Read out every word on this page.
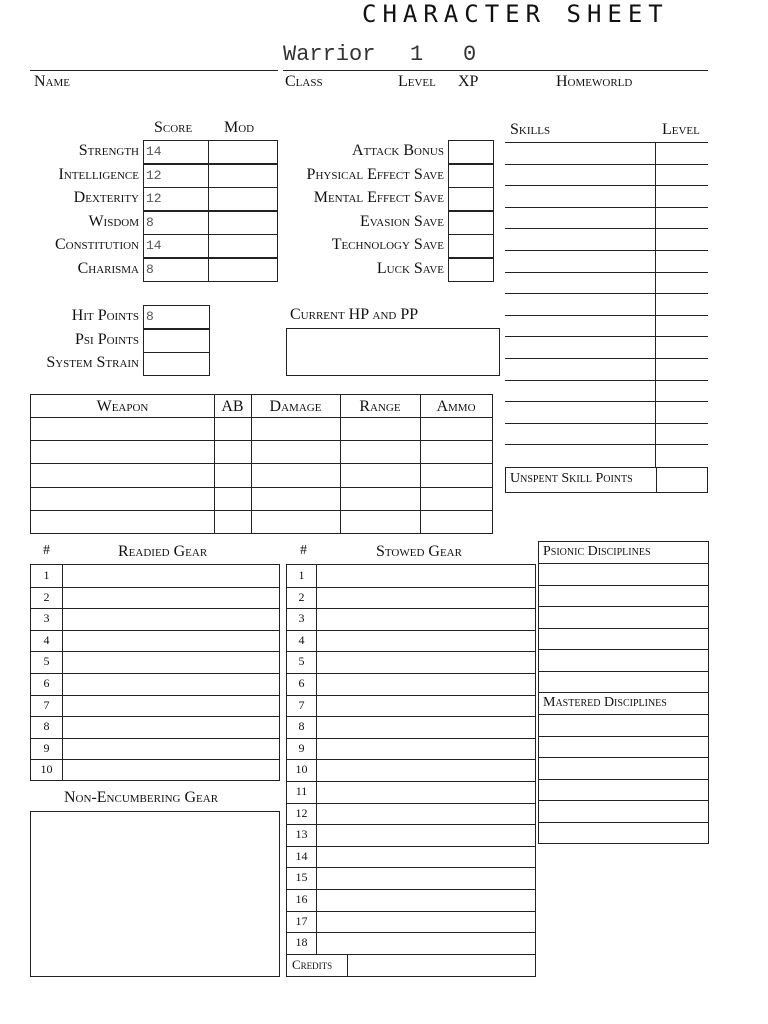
CHARACTER SHEET
Warrior 1 0
Name	Class	Level XP	Homeworld
Score Mod
Strength 14
Intelligence 12
Dexterity 12
Wisdom 8
Constitution 14
Charisma 8
Attack Bonus
Physical Effect Save
Mental Effect Save
Evasion Save
Technology Save
Luck Save
Hit Points 8
Psi Points
System Strain
Current HP and PP
Skills	Level
Unspent Skill Points
Weapon	AB	Damage	Range	Ammo
#	Readied Gear
1
2
3
4
5
6
7
8
9
10
#	Stowed Gear
1
2
3
4
5
6
7
8
9
10
11
12
13
14
15
16
17
18
Credits
Non-Encumbering Gear
Psionic Disciplines
Mastered Disciplines
